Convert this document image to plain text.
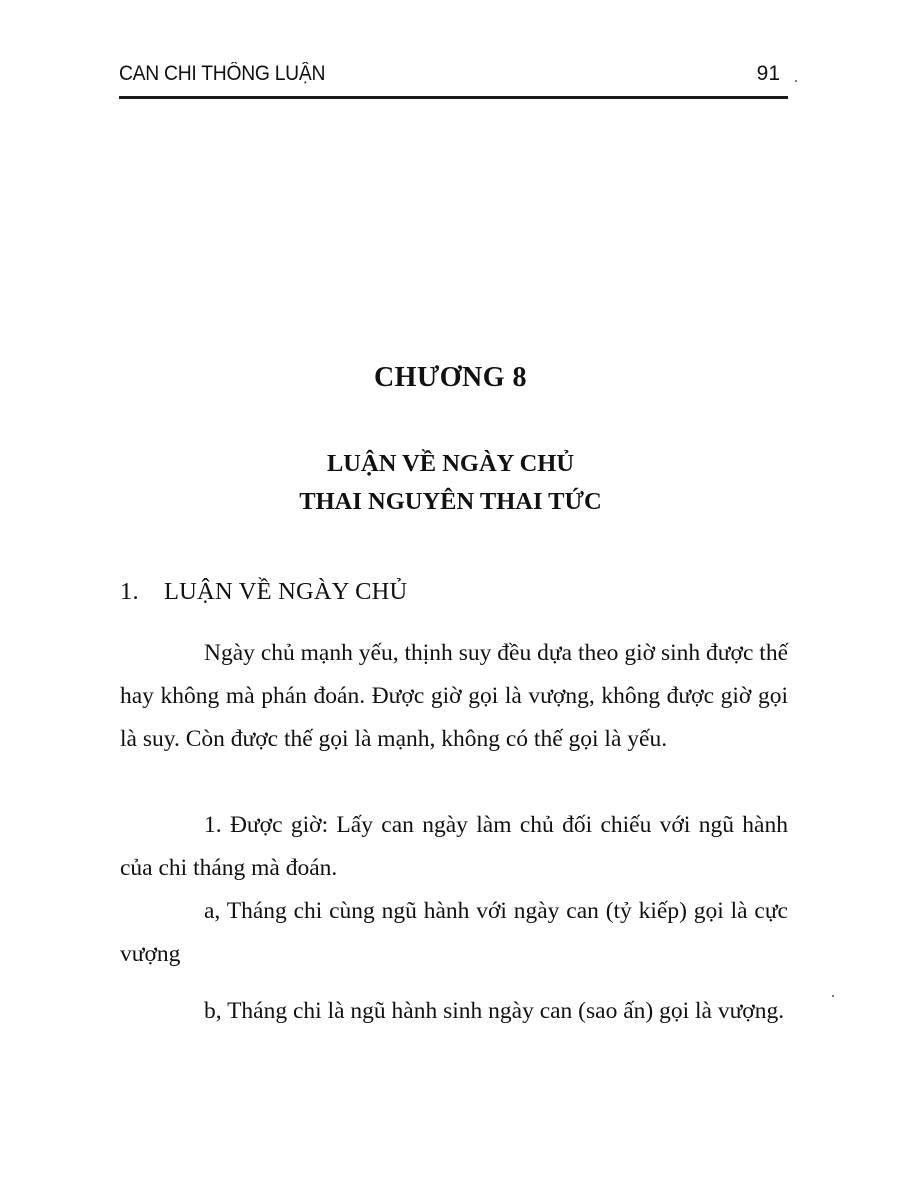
CAN CHI THÔNG LUẬN	91
CHƯƠNG 8
LUẬN VỀ NGÀY CHỦ
THAI NGUYÊN THAI TỨC
1. LUẬN VỀ NGÀY CHỦ
Ngày chủ mạnh yếu, thịnh suy đều dựa theo giờ sinh được thế hay không mà phán đoán. Được giờ gọi là vượng, không được giờ gọi là suy. Còn được thế gọi là mạnh, không có thế gọi là yếu.
1. Được giờ: Lấy can ngày làm chủ đối chiếu với ngũ hành của chi tháng mà đoán.
a, Tháng chi cùng ngũ hành với ngày can (tỷ kiếp) gọi là cực vượng
b, Tháng chi là ngũ hành sinh ngày can (sao ấn) gọi là vượng.
